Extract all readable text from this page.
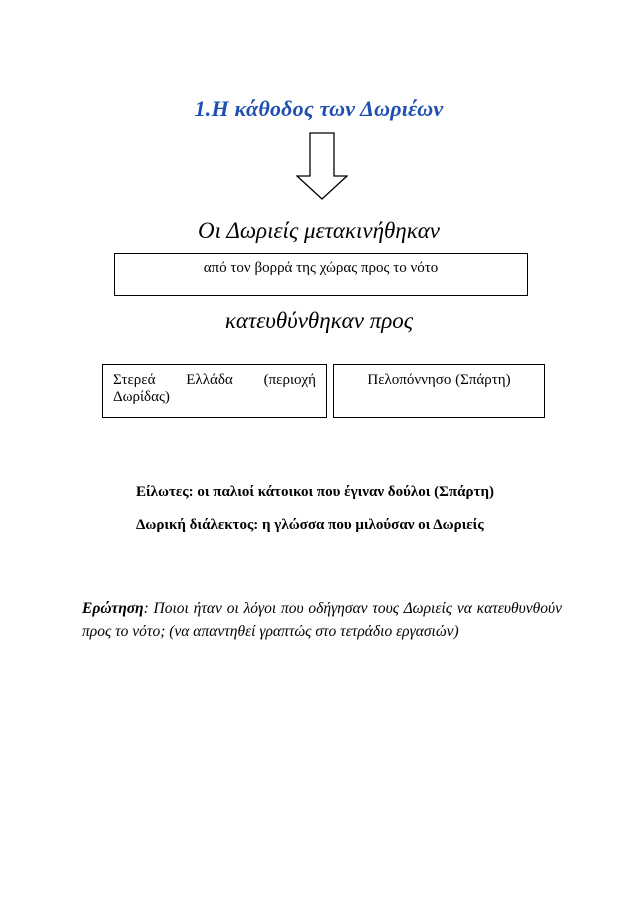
1.Η κάθοδος των Δωριέων
Οι Δωριείς μετακινήθηκαν
από τον βορρά της χώρας προς το νότο
κατευθύνθηκαν προς
Στερεά Ελλάδα (περιοχή
Δωρίδας)
Πελοπόννησο (Σπάρτη)
Είλωτες: οι παλιοί κάτοικοι που έγιναν δούλοι (Σπάρτη)
Δωρική διάλεκτος: η γλώσσα που μιλούσαν οι Δωριείς
Ερώτηση: Ποιοι ήταν οι λόγοι που οδήγησαν τους Δωριείς να κατευθυνθούν προς το νότο; (να απαντηθεί γραπτώς στο τετράδιο εργασιών)
